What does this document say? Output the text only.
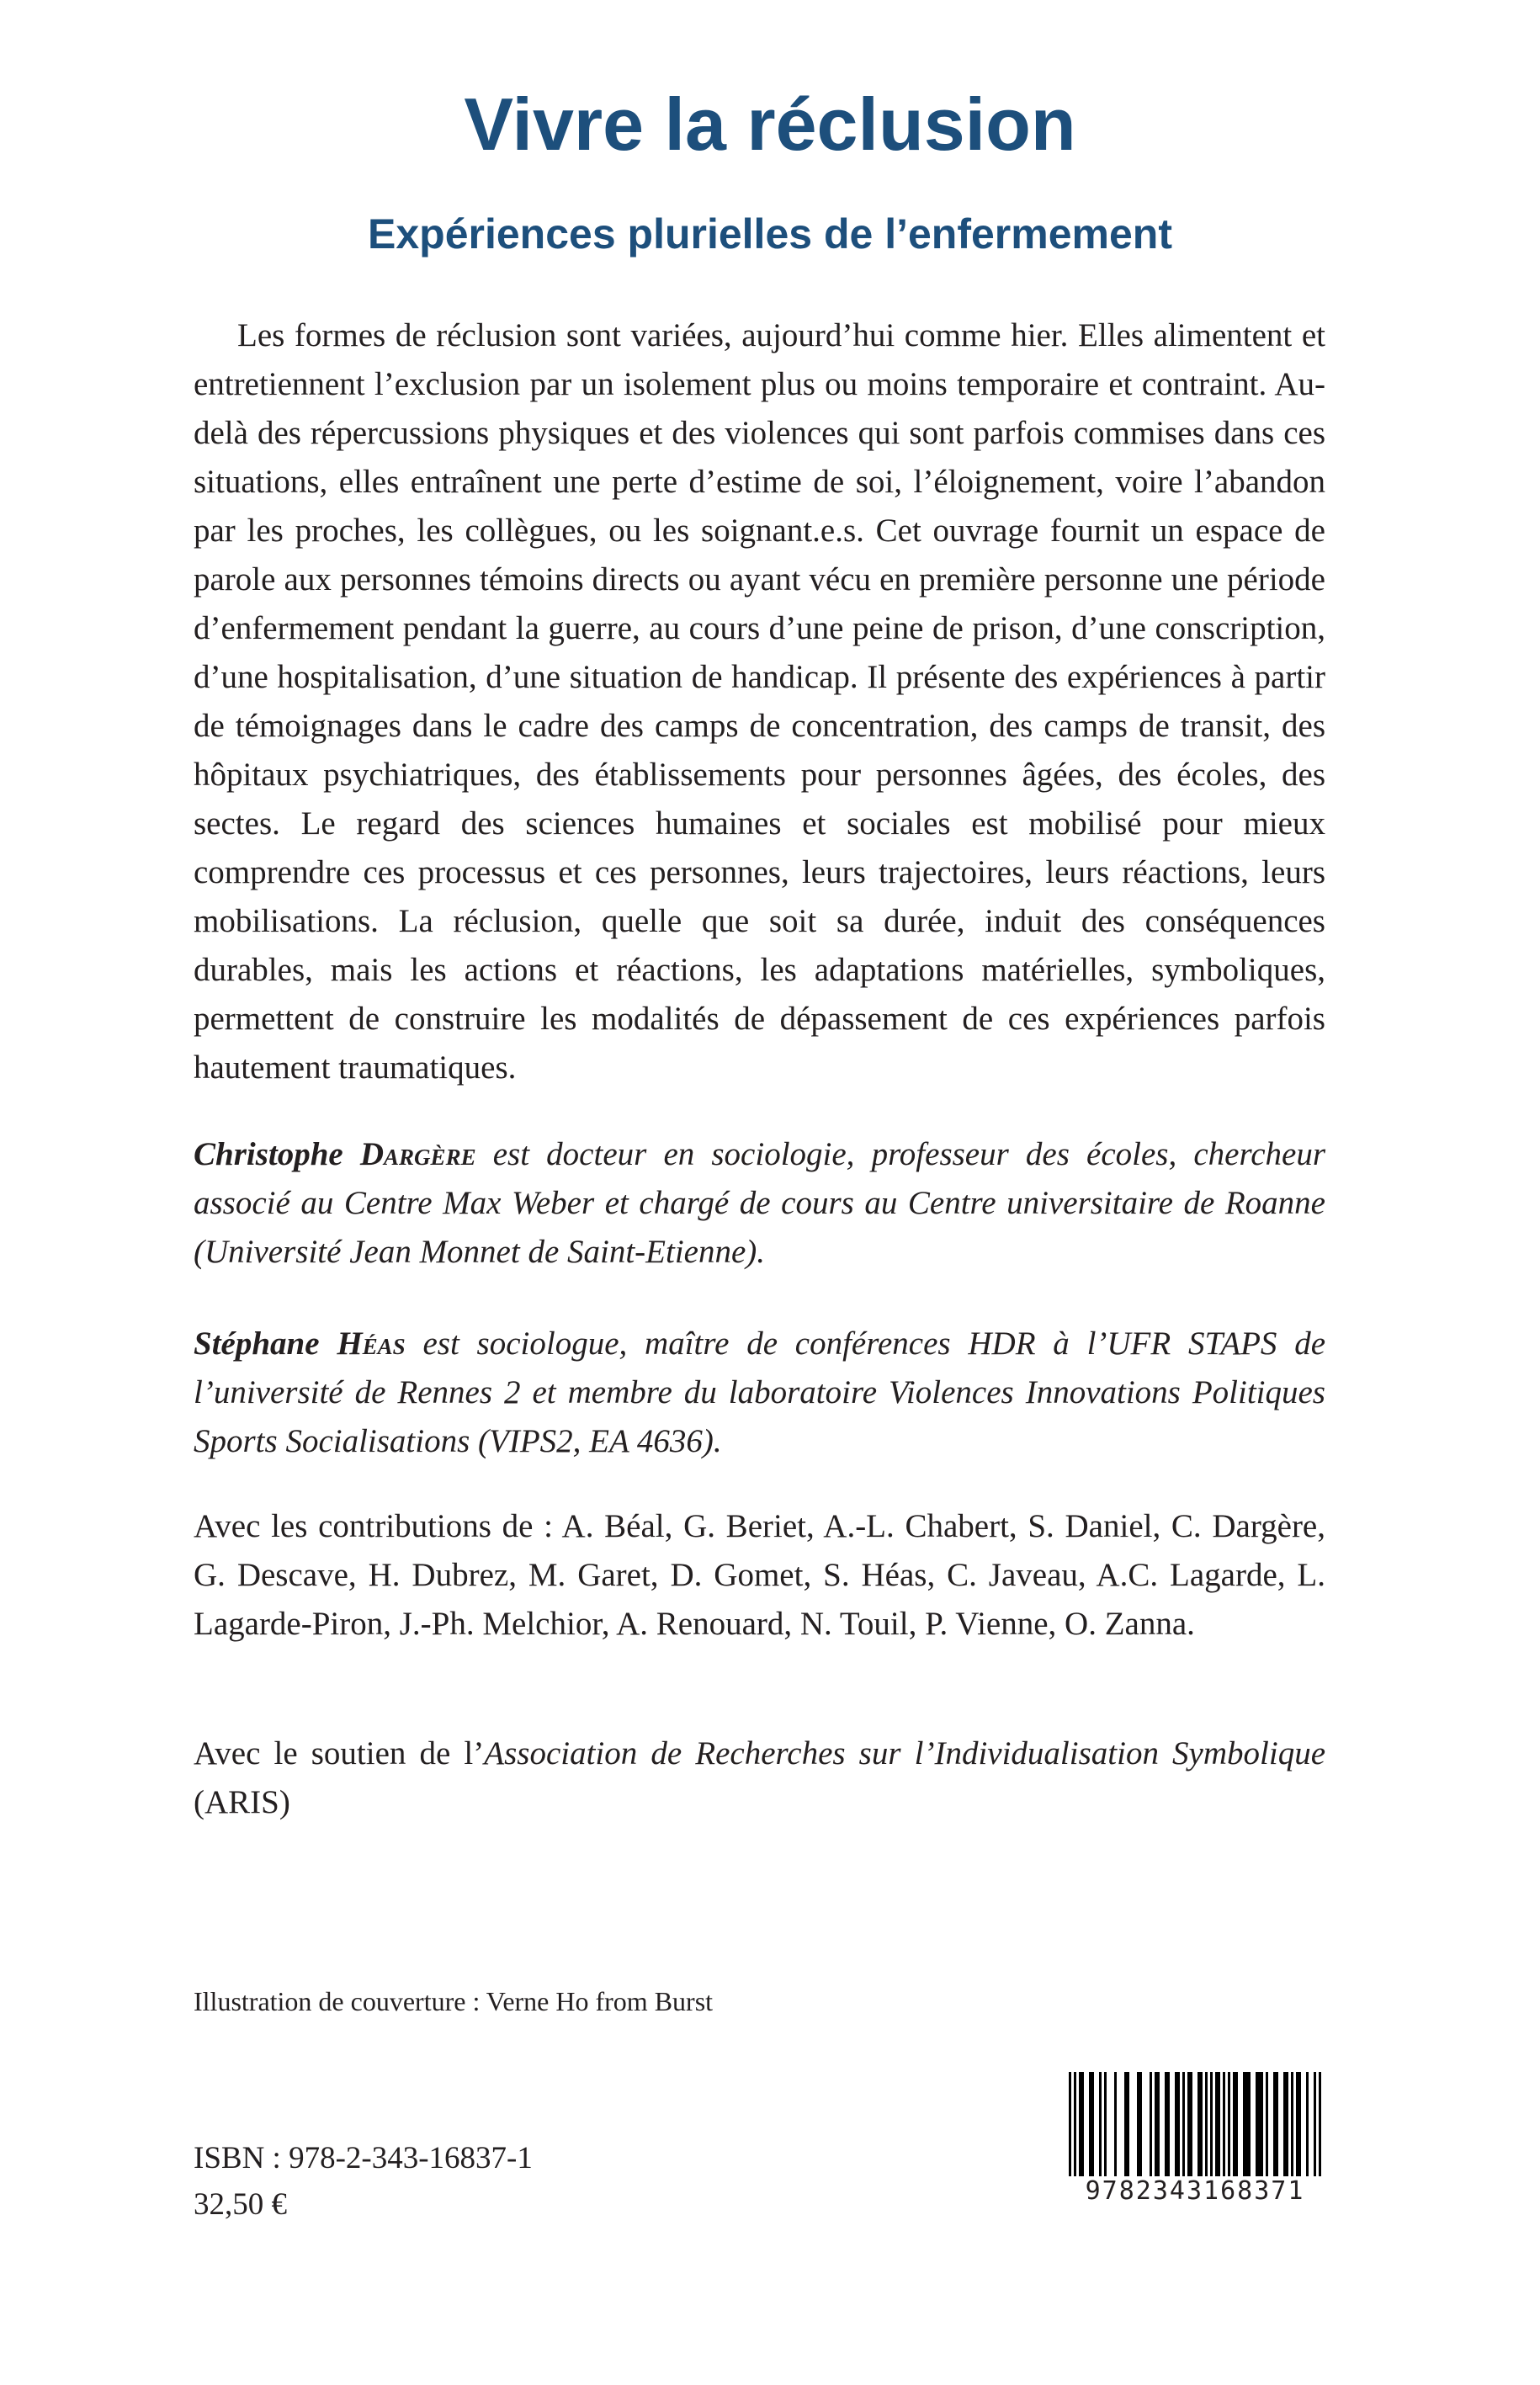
Vivre la réclusion
Expériences plurielles de l’enfermement

Les formes de réclusion sont variées, aujourd’hui comme hier. Elles alimentent et entretiennent l’exclusion par un isolement plus ou moins temporaire et contraint. Au-delà des répercussions physiques et des violences qui sont parfois commises dans ces situations, elles entraînent une perte d’estime de soi, l’éloignement, voire l’abandon par les proches, les collègues, ou les soignant.e.s. Cet ouvrage fournit un espace de parole aux personnes témoins directs ou ayant vécu en première personne une période d’enfermement pendant la guerre, au cours d’une peine de prison, d’une conscription, d’une hospitalisation, d’une situation de handicap. Il présente des expériences à partir de témoignages dans le cadre des camps de concentration, des camps de transit, des hôpitaux psychiatriques, des établissements pour personnes âgées, des écoles, des sectes. Le regard des sciences humaines et sociales est mobilisé pour mieux comprendre ces processus et ces personnes, leurs trajectoires, leurs réactions, leurs mobilisations. La réclusion, quelle que soit sa durée, induit des conséquences durables, mais les actions et réactions, les adaptations matérielles, symboliques, permettent de construire les modalités de dépassement de ces expériences parfois hautement traumatiques.

Christophe Dargère est docteur en sociologie, professeur des écoles, chercheur associé au Centre Max Weber et chargé de cours au Centre universitaire de Roanne (Université Jean Monnet de Saint-Etienne).

Stéphane Héas est sociologue, maître de conférences HDR à l’UFR STAPS de l’université de Rennes 2 et membre du laboratoire Violences Innovations Politiques Sports Socialisations (VIPS2, EA 4636).

Avec les contributions de : A. Béal, G. Beriet, A.-L. Chabert, S. Daniel, C. Dargère, G. Descave, H. Dubrez, M. Garet, D. Gomet, S. Héas, C. Javeau, A.C. Lagarde, L. Lagarde-Piron, J.-Ph. Melchior, A. Renouard, N. Touil, P. Vienne, O. Zanna.

Avec le soutien de l’Association de Recherches sur l’Individualisation Symbolique (ARIS)

Illustration de couverture : Verne Ho from Burst

ISBN : 978-2-343-16837-1

32,50 €	9782343168371
